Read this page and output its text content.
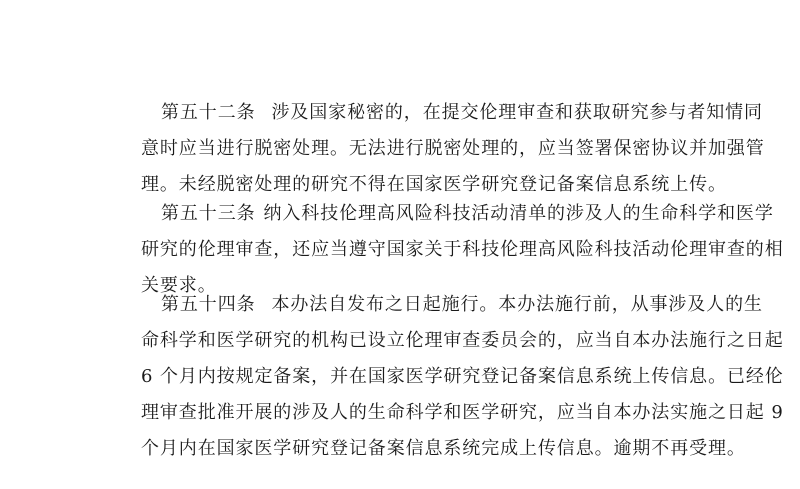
第五十二条 涉及国家秘密的，在提交伦理审查和获取研究参与者知情同
意时应当进行脱密处理。无法进行脱密处理的，应当签署保密协议并加强管
理。未经脱密处理的研究不得在国家医学研究登记备案信息系统上传。
第五十三条 纳入科技伦理高风险科技活动清单的涉及人的生命科学和医学
研究的伦理审查，还应当遵守国家关于科技伦理高风险科技活动伦理审查的相
关要求。
第五十四条 本办法自发布之日起施行。本办法施行前，从事涉及人的生
命科学和医学研究的机构已设立伦理审查委员会的，应当自本办法施行之日起
6 个月内按规定备案，并在国家医学研究登记备案信息系统上传信息。已经伦
理审查批准开展的涉及人的生命科学和医学研究，应当自本办法实施之日起 9
个月内在国家医学研究登记备案信息系统完成上传信息。逾期不再受理。
